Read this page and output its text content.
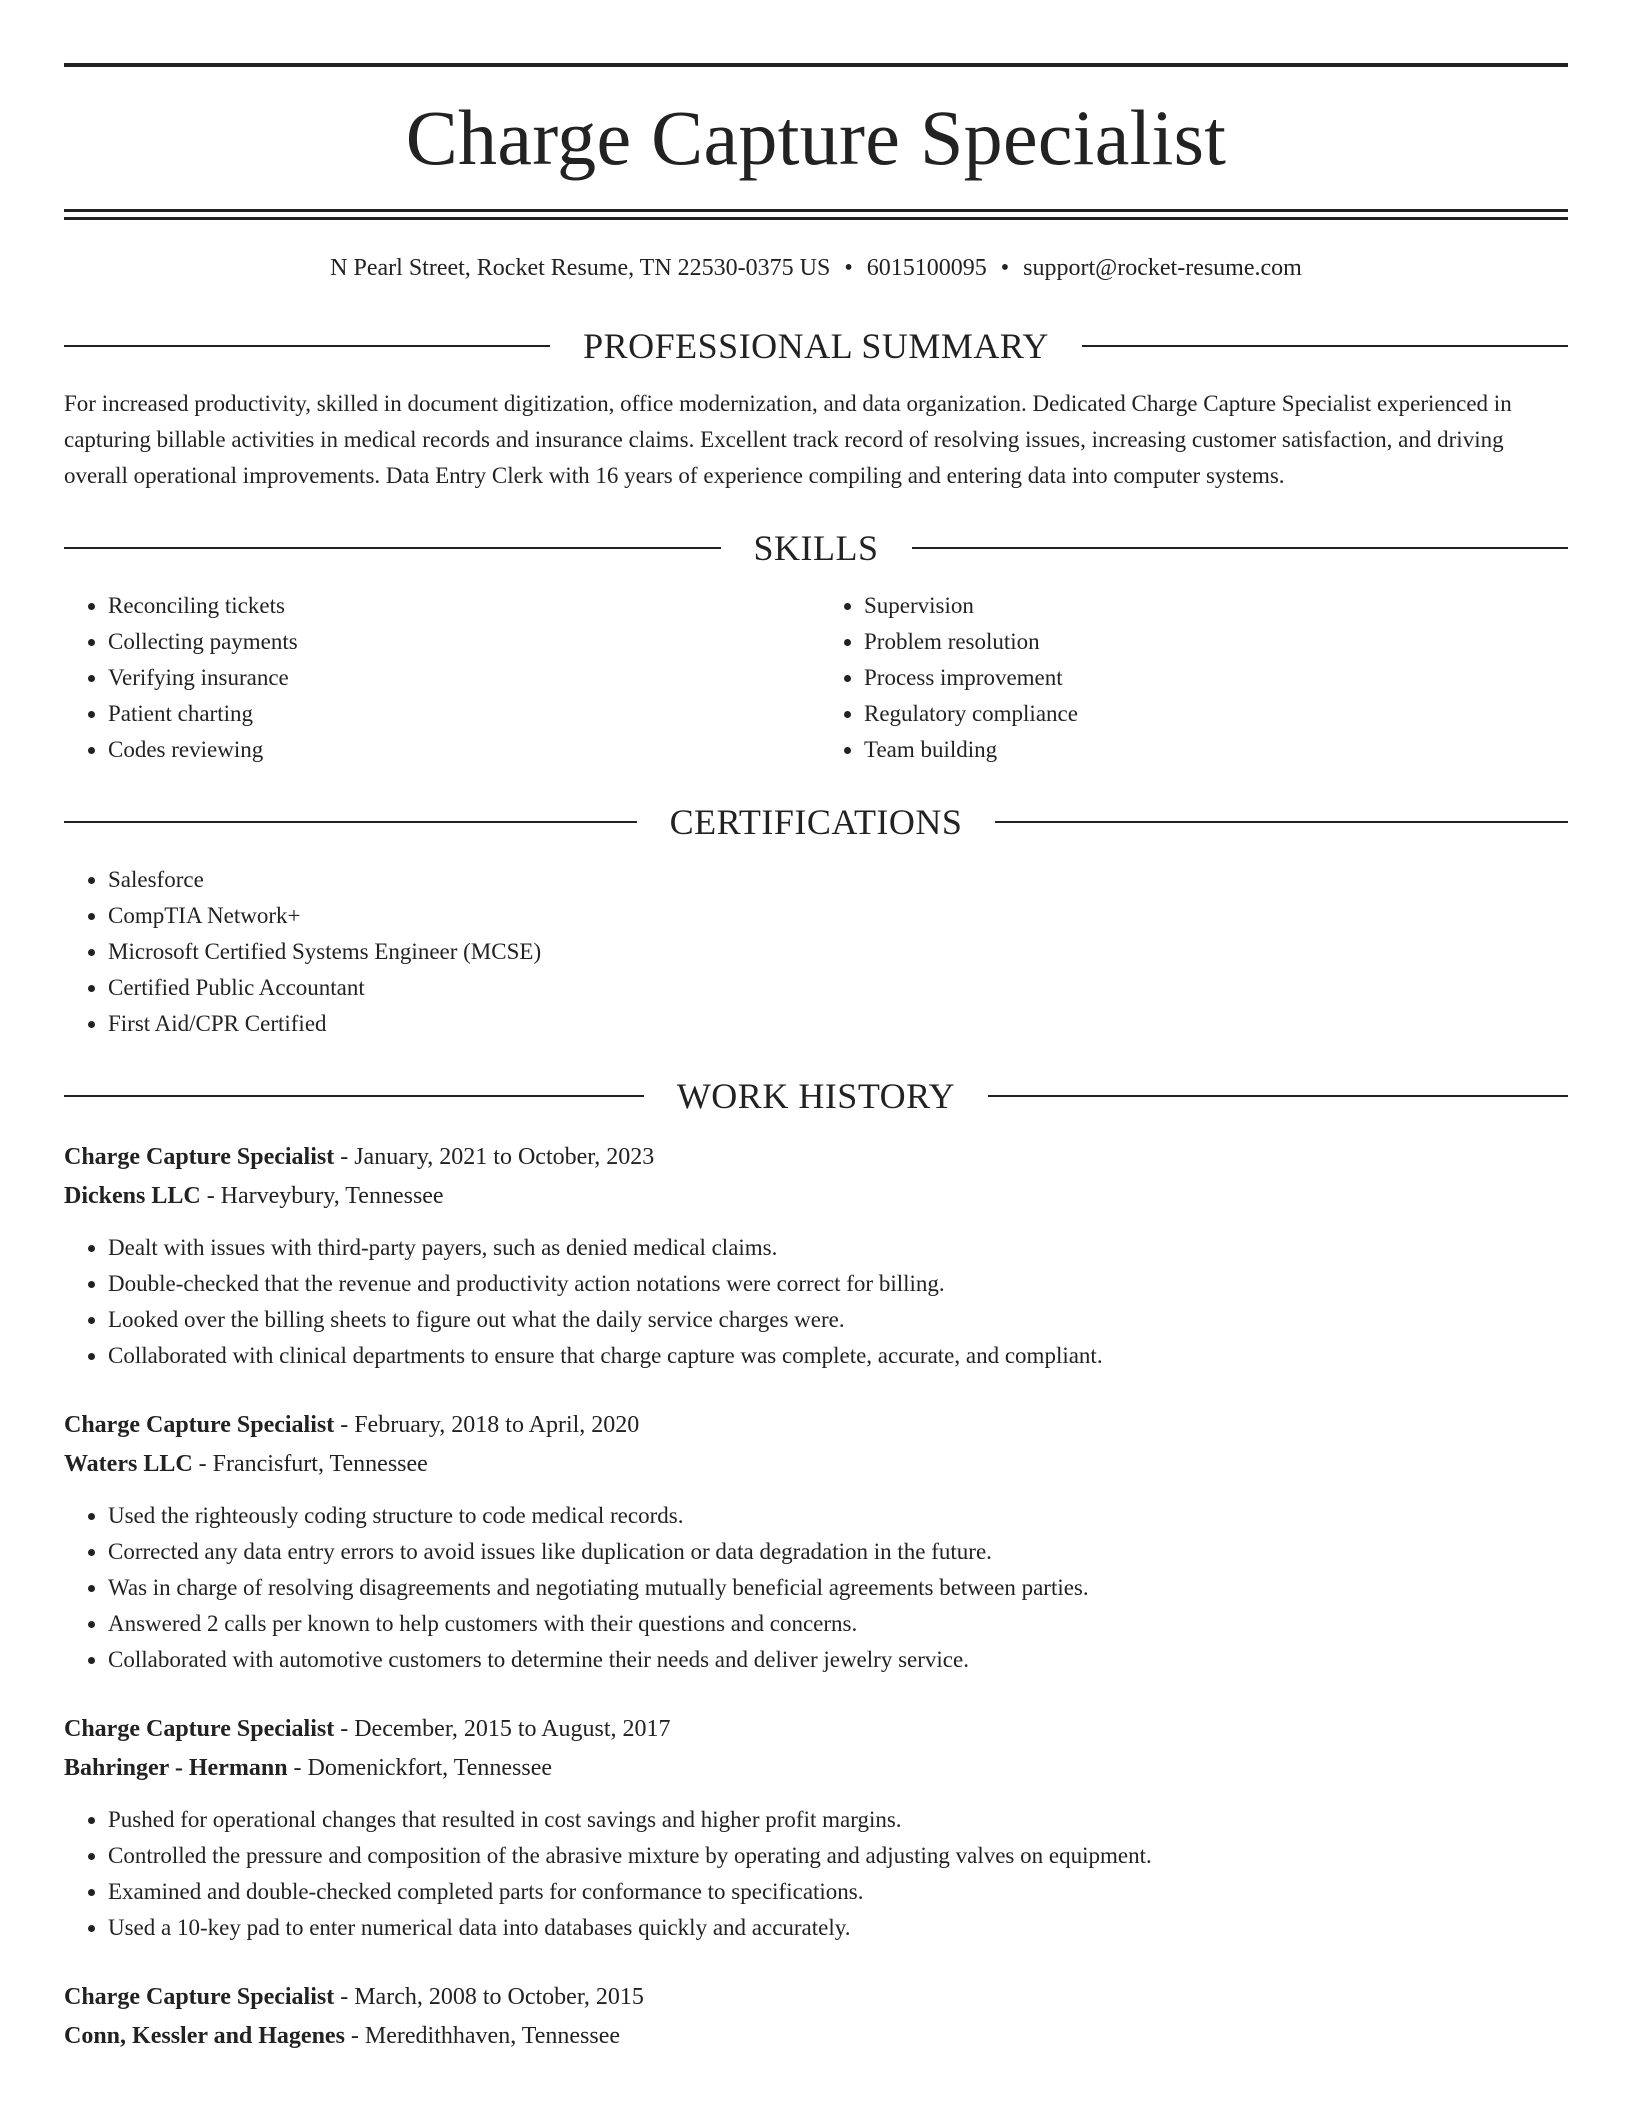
Charge Capture Specialist
N Pearl Street, Rocket Resume, TN 22530-0375 US • 6015100095 • support@rocket-resume.com
PROFESSIONAL SUMMARY

For increased productivity, skilled in document digitization, office modernization, and data organization. Dedicated Charge Capture Specialist experienced in capturing billable activities in medical records and insurance claims. Excellent track record of resolving issues, increasing customer satisfaction, and driving overall operational improvements. Data Entry Clerk with 16 years of experience compiling and entering data into computer systems.

SKILLS
• Reconciling tickets
• Collecting payments
• Verifying insurance
• Patient charting
• Codes reviewing
• Supervision
• Problem resolution
• Process improvement
• Regulatory compliance
• Team building
CERTIFICATIONS
• Salesforce
• CompTIA Network+
• Microsoft Certified Systems Engineer (MCSE)
• Certified Public Accountant
• First Aid/CPR Certified
WORK HISTORY
Charge Capture Specialist - January, 2021 to October, 2023
Dickens LLC - Harveybury, Tennessee
• Dealt with issues with third-party payers, such as denied medical claims.
• Double-checked that the revenue and productivity action notations were correct for billing.
• Looked over the billing sheets to figure out what the daily service charges were.
• Collaborated with clinical departments to ensure that charge capture was complete, accurate, and compliant.
Charge Capture Specialist - February, 2018 to April, 2020
Waters LLC - Francisfurt, Tennessee
• Used the righteously coding structure to code medical records.
• Corrected any data entry errors to avoid issues like duplication or data degradation in the future.
• Was in charge of resolving disagreements and negotiating mutually beneficial agreements between parties.
• Answered 2 calls per known to help customers with their questions and concerns.
• Collaborated with automotive customers to determine their needs and deliver jewelry service.
Charge Capture Specialist - December, 2015 to August, 2017
Bahringer - Hermann - Domenickfort, Tennessee
• Pushed for operational changes that resulted in cost savings and higher profit margins.
• Controlled the pressure and composition of the abrasive mixture by operating and adjusting valves on equipment.
• Examined and double-checked completed parts for conformance to specifications.
• Used a 10-key pad to enter numerical data into databases quickly and accurately.
Charge Capture Specialist - March, 2008 to October, 2015
Conn, Kessler and Hagenes - Meredithhaven, Tennessee
